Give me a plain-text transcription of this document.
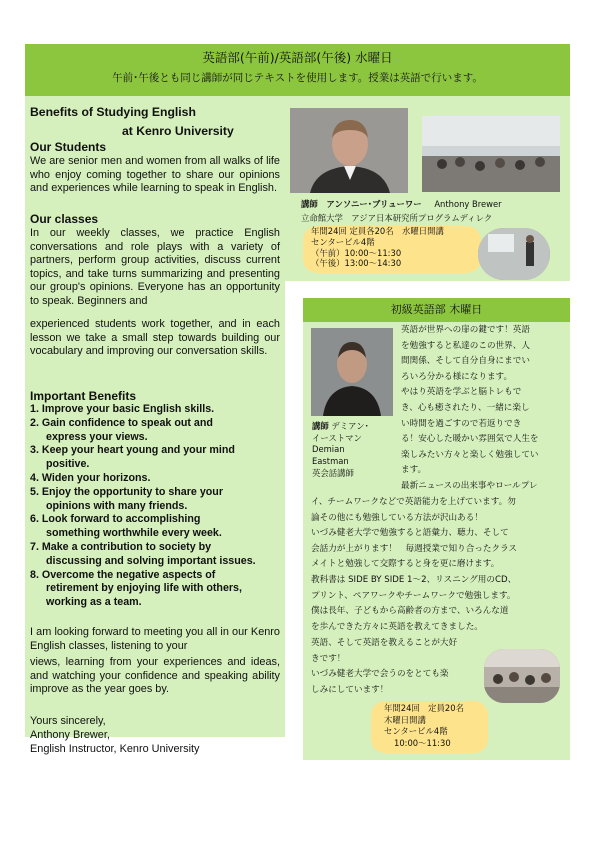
英語部(午前)/英語部(午後) 水曜日
午前･午後とも同じ講師が同じテキストを使用します。授業は英語で行います。
Benefits of Studying English
at Kenro University
Our Students
We are senior men and women from all walks of life who enjoy coming together to share our opinions and experiences while learning to speak in English.
Our classes
In our weekly classes, we practice English conversations and role plays with a variety of partners, perform group activities, discuss current topics, and take turns summarizing and presenting our group's opinions. Everyone has an opportunity to speak. Beginners and
experienced students work together, and in each lesson we take a small step towards building our vocabulary and improving our conversation skills.
Important Benefits
1. Improve your basic English skills.
2. Gain confidence to speak out and
express your views.
3. Keep your heart young and your mind
positive.
4. Widen your horizons.
5. Enjoy the opportunity to share your
opinions with many friends.
6. Look forward to accomplishing
something worthwhile every week.
7. Make a contribution to society by
discussing and solving important issues.
8. Overcome the negative aspects of
retirement by enjoying life with others,
working as a team.
I am looking forward to meeting you all in our Kenro English classes, listening to your
views, learning from your experiences and ideas, and watching your confidence and speaking ability improve as the year goes by.
Yours sincerely,
Anthony Brewer,
English Instructor, Kenro University
講師 アンソニー･ブリューワー Anthony Brewer
立命館大学　アジア日本研究所プログラムディレク
年間24回 定員各20名　水曜日開講
センタービル4階
（午前）10:00〜11:30
（午後）13:00〜14:30
初級英語部 木曜日
講師 デミアン･
イーストマン
Demian
Eastman
英会話講師
英語が世界への扉の鍵です！英語
を勉強すると私達のこの世界、人
間関係、そして自分自身にまでい
ろいろ分かる様になります。
やはり英語を学ぶと脳トレもで
き、心も癒されたり、一緒に楽し
い時間を過ごすので若返りでき
る！安心した暖かい雰囲気で人生を
楽しみたい方々と楽しく勉強してい
ます。
最新ニュースの出来事やロールプレ
イ、チームワークなどで英語能力を上げています。勿
論その他にも勉強している方法が沢山ある！
いづみ健老大学で勉強すると語彙力、聴力、そして
会話力が上がります！　毎週授業で知り合ったクラス
メイトと勉強して交際すると身を更に磨けます。
教科書は SIDE BY SIDE 1〜2、リスニング用のCD、
プリント、ペアワークやチームワークで勉強します。
僕は長年、子どもから高齢者の方まで、いろんな道
を歩んできた方々に英語を教えてきました。
英語、そして英語を教えることが大好
きです！
いづみ健老大学で会うのをとても楽
しみにしています！
年間24回　定員20名
木曜日開講
センタービル4階
10:00〜11:30
